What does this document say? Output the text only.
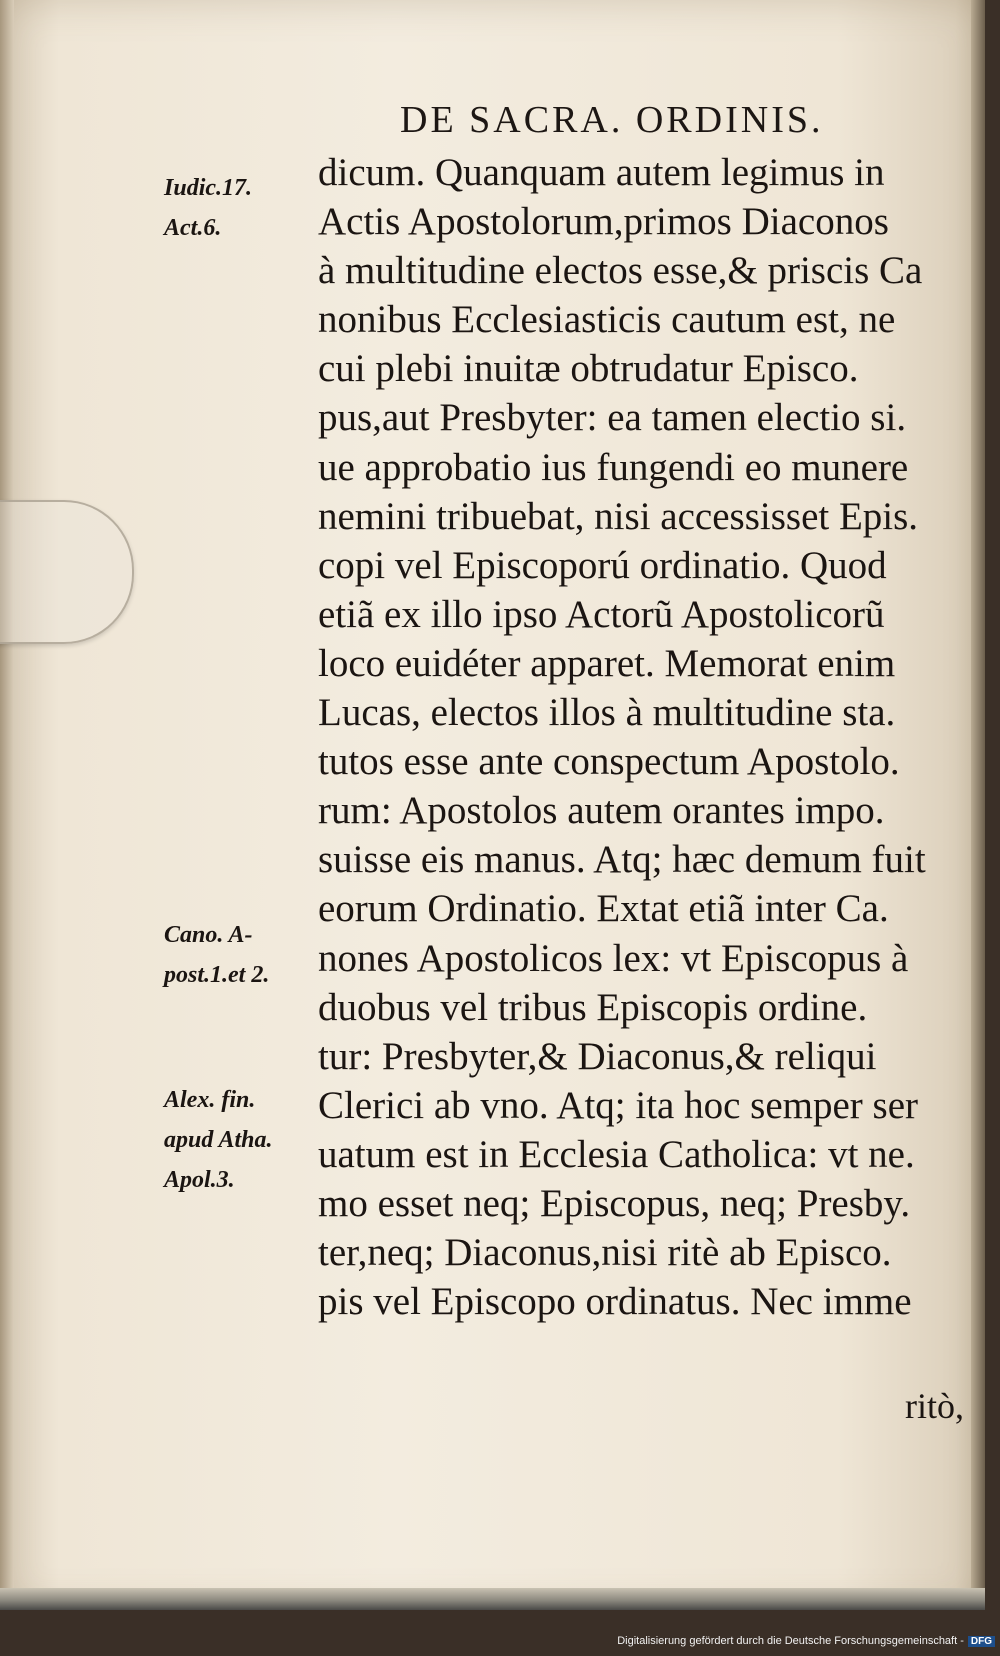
DE SACRA. ORDINIS.
dicum. Quanquam autem legimus in
Actis Apostolorum,primos Diaconos
à multitudine electos esse,& priscis Ca
nonibus Ecclesiasticis cautum est, ne
cui plebi inuitæ obtrudatur Episco.
pus,aut Presbyter: ea tamen electio si.
ue approbatio ius fungendi eo munere
nemini tribuebat, nisi accessisset Epis.
copi vel Episcoporú ordinatio. Quod
etiã ex illo ipso Actorũ Apostolicorũ
loco euidéter apparet. Memorat enim
Lucas, electos illos à multitudine sta.
tutos esse ante conspectum Apostolo.
rum: Apostolos autem orantes impo.
suisse eis manus. Atq; hæc demum fuit
eorum Ordinatio. Extat etiã inter Ca.
nones Apostolicos lex: vt Episcopus à
duobus vel tribus Episcopis ordine.
tur: Presbyter,& Diaconus,& reliqui
Clerici ab vno. Atq; ita hoc semper ser
uatum est in Ecclesia Catholica: vt ne.
mo esset neq; Episcopus, neq; Presby.
ter,neq; Diaconus,nisi ritè ab Episco.
pis vel Episcopo ordinatus. Nec imme
ritò,
Iudic.17.
Act.6.
Cano. A-
post.1.et 2.
Alex. fin.
apud Atha.
Apol.3.
Digitalisierung gefördert durch die Deutsche Forschungsgemeinschaft - DFG
